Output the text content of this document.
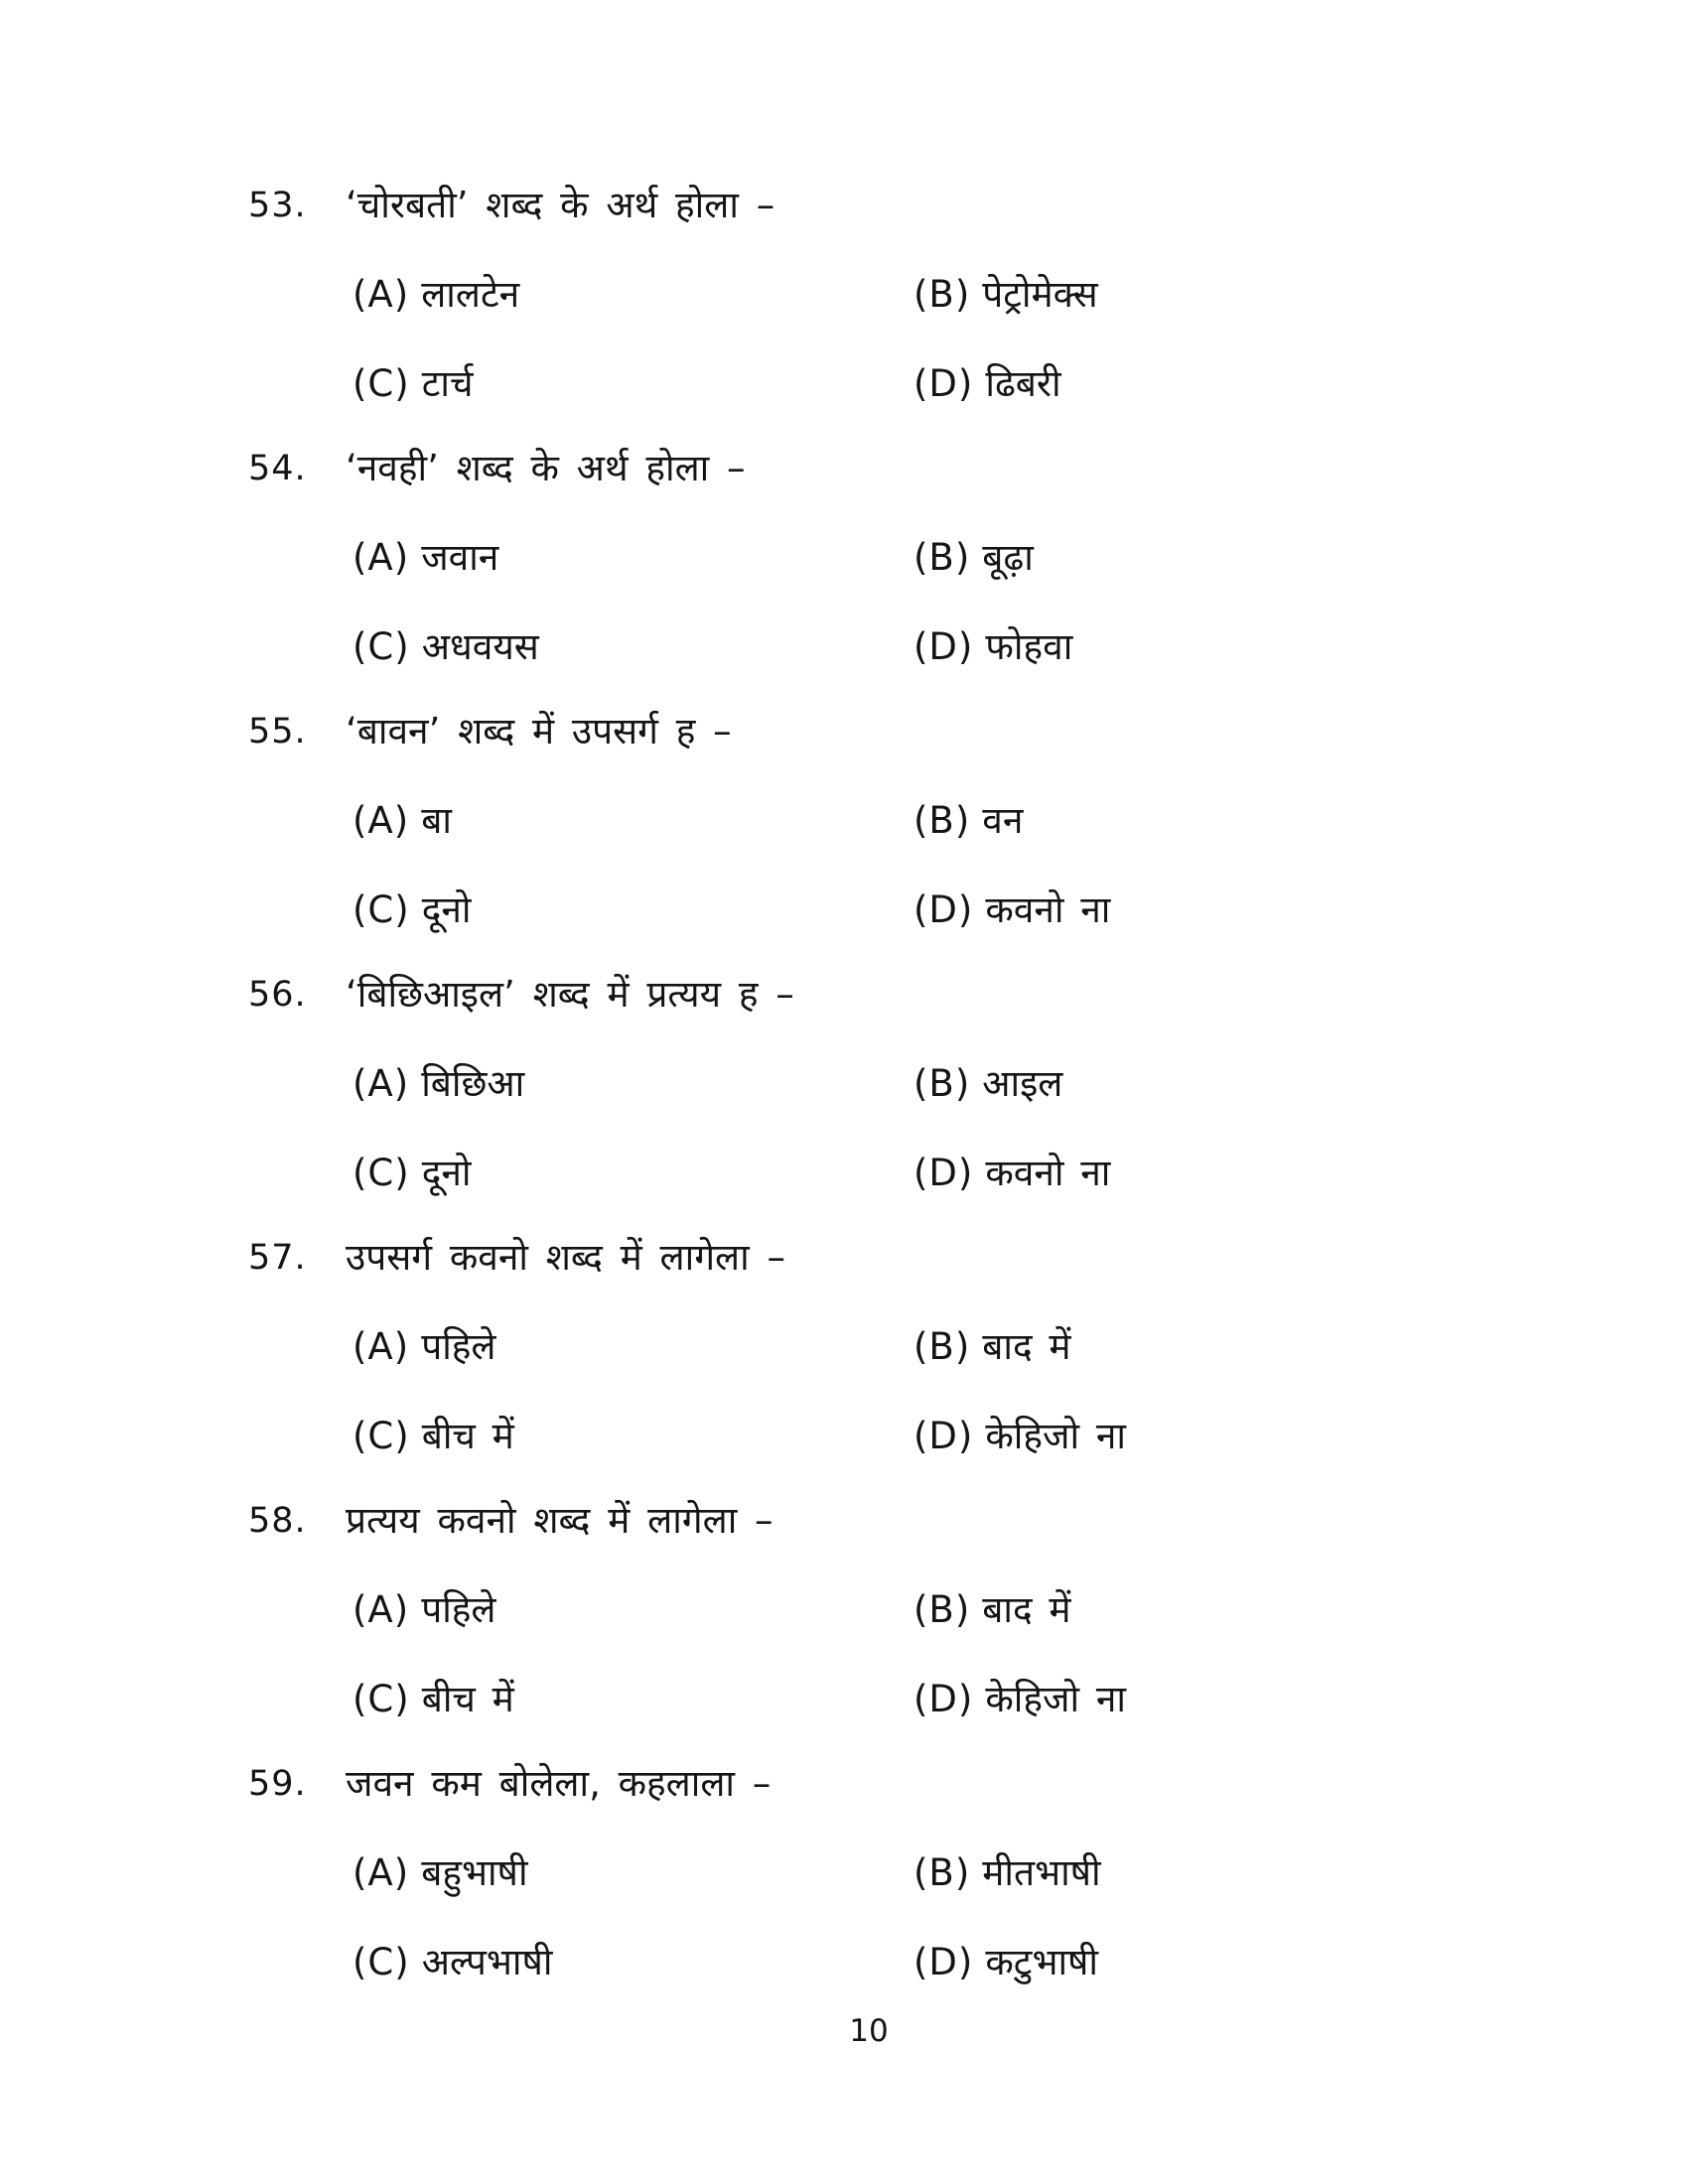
53.	‘चोरबती’ शब्द के अर्थ होला –
(A) लालटेन	(B) पेट्रोमेक्स
(C) टार्च	(D) ढिबरी
54.	‘नवही’ शब्द के अर्थ होला –
(A) जवान	(B) बूढ़ा
(C) अधवयस	(D) फोहवा
55.	‘बावन’ शब्द में उपसर्ग ह –
(A) बा	(B) वन
(C) दूनो	(D) कवनो ना
56.	‘बिछिआइल’ शब्द में प्रत्यय ह –
(A) बिछिआ	(B) आइल
(C) दूनो	(D) कवनो ना
57.	उपसर्ग कवनो शब्द में लागेला –
(A) पहिले	(B) बाद में
(C) बीच में	(D) केहिजो ना
58.	प्रत्यय कवनो शब्द में लागेला –
(A) पहिले	(B) बाद में
(C) बीच में	(D) केहिजो ना
59.	जवन कम बोलेला, कहलाला –
(A) बहुभाषी	(B) मीतभाषी
(C) अल्पभाषी	(D) कटुभाषी
10
